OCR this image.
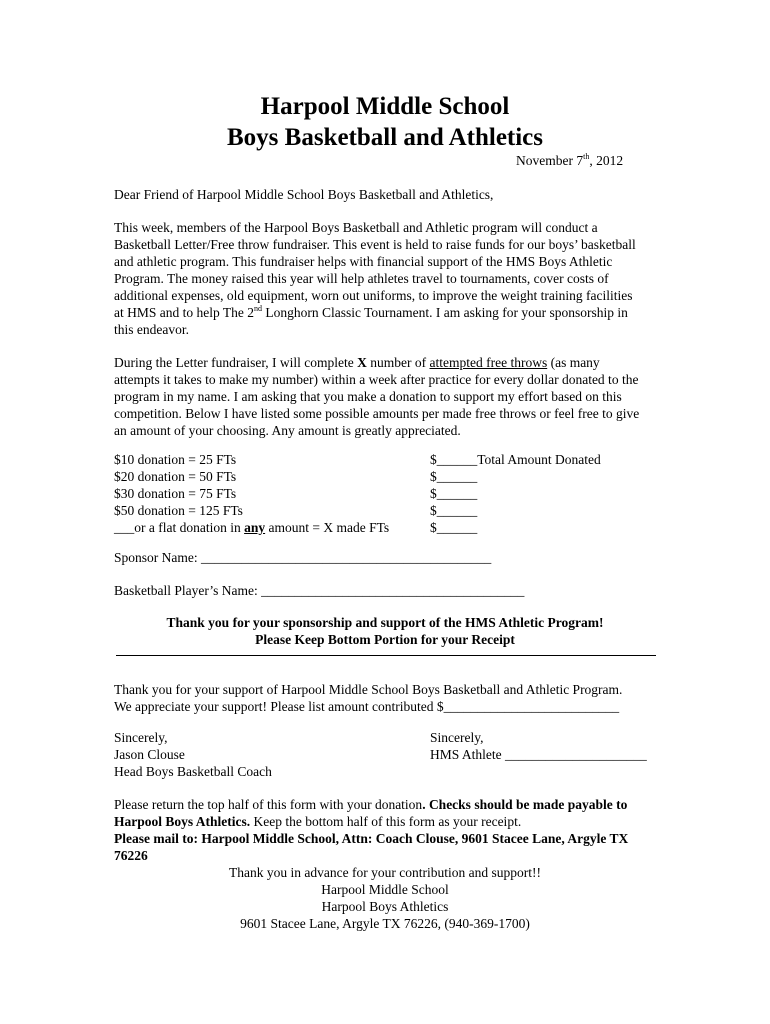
Harpool Middle School
Boys Basketball and Athletics
November 7th, 2012
Dear Friend of Harpool Middle School Boys Basketball and Athletics,
This week, members of the Harpool Boys Basketball and Athletic program will conduct a
Basketball Letter/Free throw fundraiser. This event is held to raise funds for our boys’ basketball
and athletic program. This fundraiser helps with financial support of the HMS Boys Athletic
Program. The money raised this year will help athletes travel to tournaments, cover costs of
additional expenses, old equipment, worn out uniforms, to improve the weight training facilities
at HMS and to help The 2nd Longhorn Classic Tournament. I am asking for your sponsorship in
this endeavor.
During the Letter fundraiser, I will complete X number of attempted free throws (as many
attempts it takes to make my number) within a week after practice for every dollar donated to the
program in my name. I am asking that you make a donation to support my effort based on this
competition. Below I have listed some possible amounts per made free throws or feel free to give
an amount of your choosing. Any amount is greatly appreciated.
$10 donation = 25 FTs	$______Total Amount Donated
$20 donation = 50 FTs	$______
$30 donation = 75 FTs	$______
$50 donation = 125 FTs	$______
___or a flat donation in any amount = X made FTs	$______
Sponsor Name: ___________________________________________
Basketball Player’s Name: _______________________________________
Thank you for your sponsorship and support of the HMS Athletic Program!
Please Keep Bottom Portion for your Receipt
Thank you for your support of Harpool Middle School Boys Basketball and Athletic Program.
We appreciate your support! Please list amount contributed $__________________________
Sincerely,
Jason Clouse
Head Boys Basketball Coach
Sincerely,
HMS Athlete _____________________
Please return the top half of this form with your donation. Checks should be made payable to
Harpool Boys Athletics. Keep the bottom half of this form as your receipt.
Please mail to: Harpool Middle School, Attn: Coach Clouse, 9601 Stacee Lane, Argyle TX
76226
Thank you in advance for your contribution and support!!
Harpool Middle School
Harpool Boys Athletics
9601 Stacee Lane, Argyle TX 76226, (940-369-1700)
